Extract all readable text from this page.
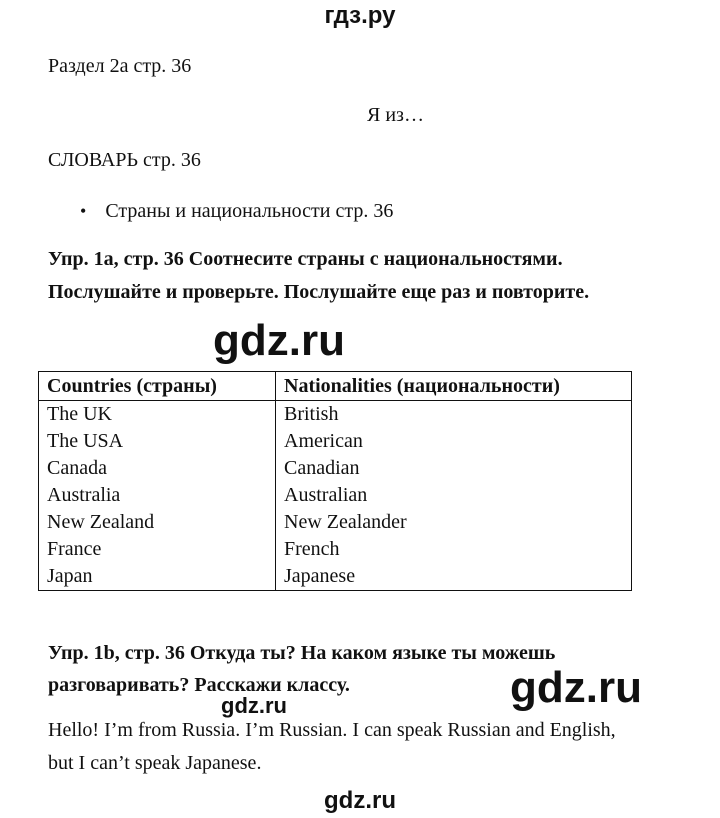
гдз.ру
gdz.ru
gdz.ru
gdz.ru
gdz.ru
Раздел 2а стр. 36
Я из…
СЛОВАРЬ стр. 36
• Страны и национальности стр. 36
Упр. 1а, стр. 36 Соотнесите страны с национальностями.
Послушайте и проверьте. Послушайте еще раз и повторите.
Countries (страны)	Nationalities (национальности)
The UK	British
The USA	American
Canada	Canadian
Australia	Australian
New Zealand	New Zealander
France	French
Japan	Japanese
Упр. 1b, стр. 36 Откуда ты? На каком языке ты можешь
разговаривать? Расскажи классу.
Hello! I’m from Russia. I’m Russian. I can speak Russian and English,
but I can’t speak Japanese.
